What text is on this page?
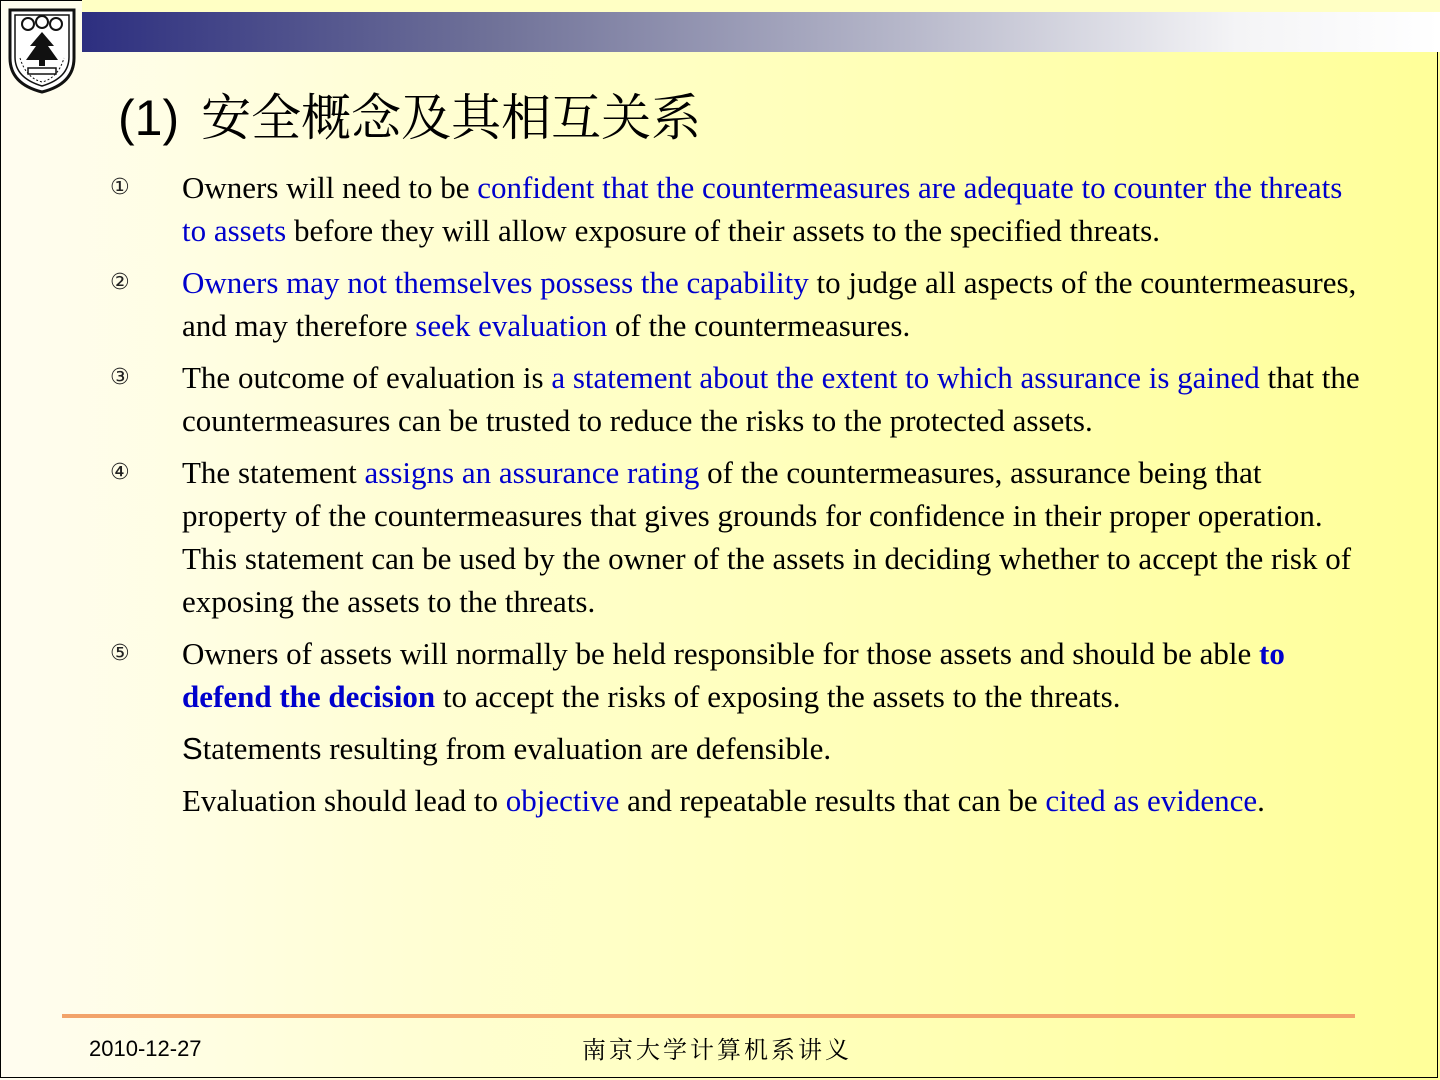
(1) 安全概念及其相互关系
① Owners will need to be confident that the countermeasures are adequate to counter the threats to assets before they will allow exposure of their assets to the specified threats.
② Owners may not themselves possess the capability to judge all aspects of the countermeasures, and may therefore seek evaluation of the countermeasures.
③ The outcome of evaluation is a statement about the extent to which assurance is gained that the countermeasures can be trusted to reduce the risks to the protected assets.
④ The statement assigns an assurance rating of the countermeasures, assurance being that property of the countermeasures that gives grounds for confidence in their proper operation. This statement can be used by the owner of the assets in deciding whether to accept the risk of exposing the assets to the threats.
⑤ Owners of assets will normally be held responsible for those assets and should be able to defend the decision to accept the risks of exposing the assets to the threats.
Statements resulting from evaluation are defensible.
Evaluation should lead to objective and repeatable results that can be cited as evidence.
2010-12-27	南京大学计算机系讲义
